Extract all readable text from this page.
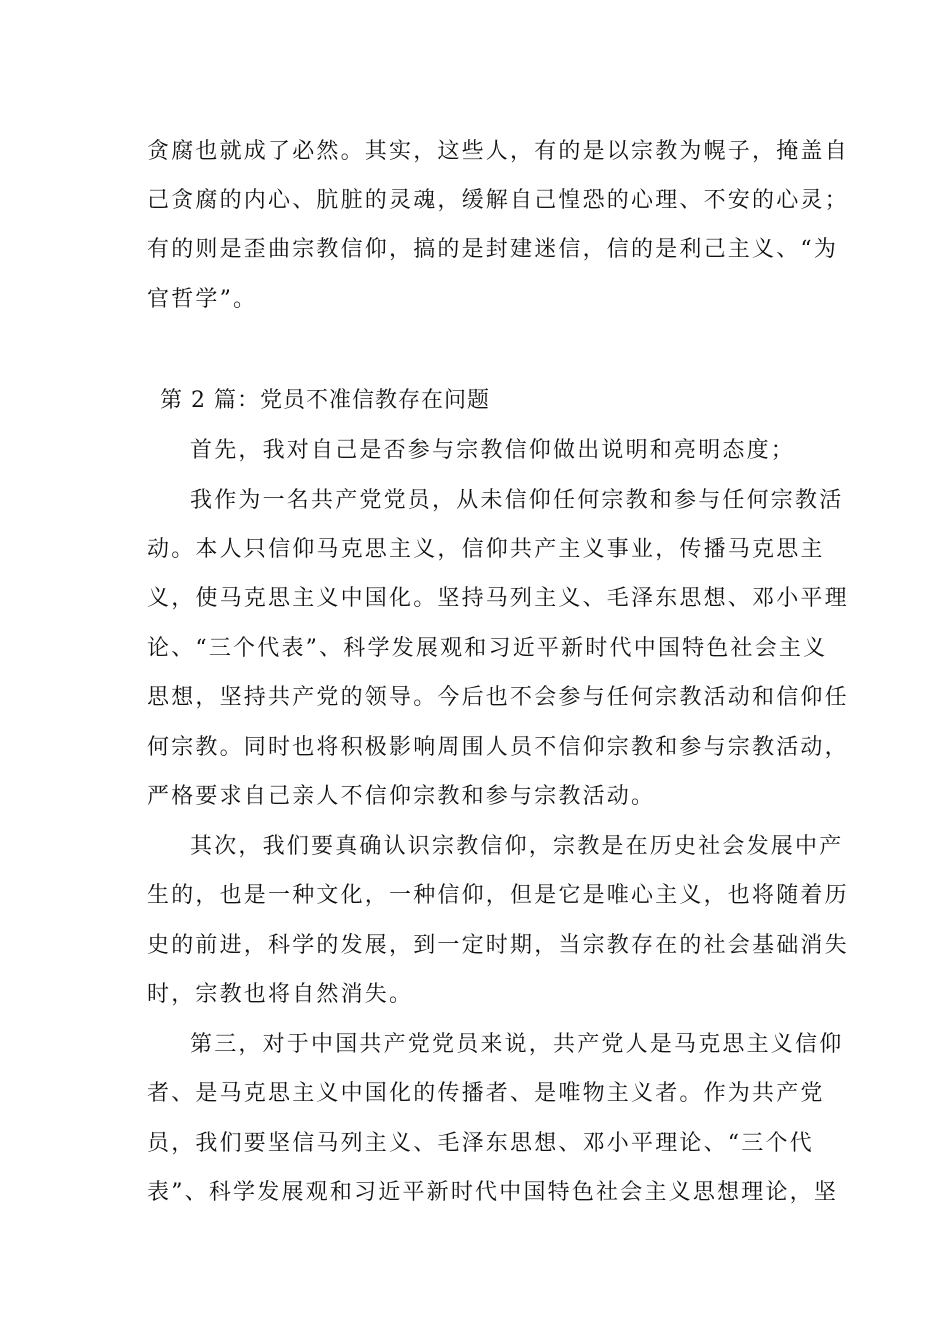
贪腐也就成了必然。其实，这些人，有的是以宗教为幌子，掩盖自
己贪腐的内心、肮脏的灵魂，缓解自己惶恐的心理、不安的心灵；
有的则是歪曲宗教信仰，搞的是封建迷信，信的是利己主义、“为
官哲学”。
第 2 篇：党员不准信教存在问题
首先，我对自己是否参与宗教信仰做出说明和亮明态度；
我作为一名共产党党员，从未信仰任何宗教和参与任何宗教活
动。本人只信仰马克思主义，信仰共产主义事业，传播马克思主
义，使马克思主义中国化。坚持马列主义、毛泽东思想、邓小平理
论、“三个代表”、科学发展观和习近平新时代中国特色社会主义
思想，坚持共产党的领导。今后也不会参与任何宗教活动和信仰任
何宗教。同时也将积极影响周围人员不信仰宗教和参与宗教活动，
严格要求自己亲人不信仰宗教和参与宗教活动。
其次，我们要真确认识宗教信仰，宗教是在历史社会发展中产
生的，也是一种文化，一种信仰，但是它是唯心主义，也将随着历
史的前进，科学的发展，到一定时期，当宗教存在的社会基础消失
时，宗教也将自然消失。
第三，对于中国共产党党员来说，共产党人是马克思主义信仰
者、是马克思主义中国化的传播者、是唯物主义者。作为共产党
员，我们要坚信马列主义、毛泽东思想、邓小平理论、“三个代
表”、科学发展观和习近平新时代中国特色社会主义思想理论，坚
